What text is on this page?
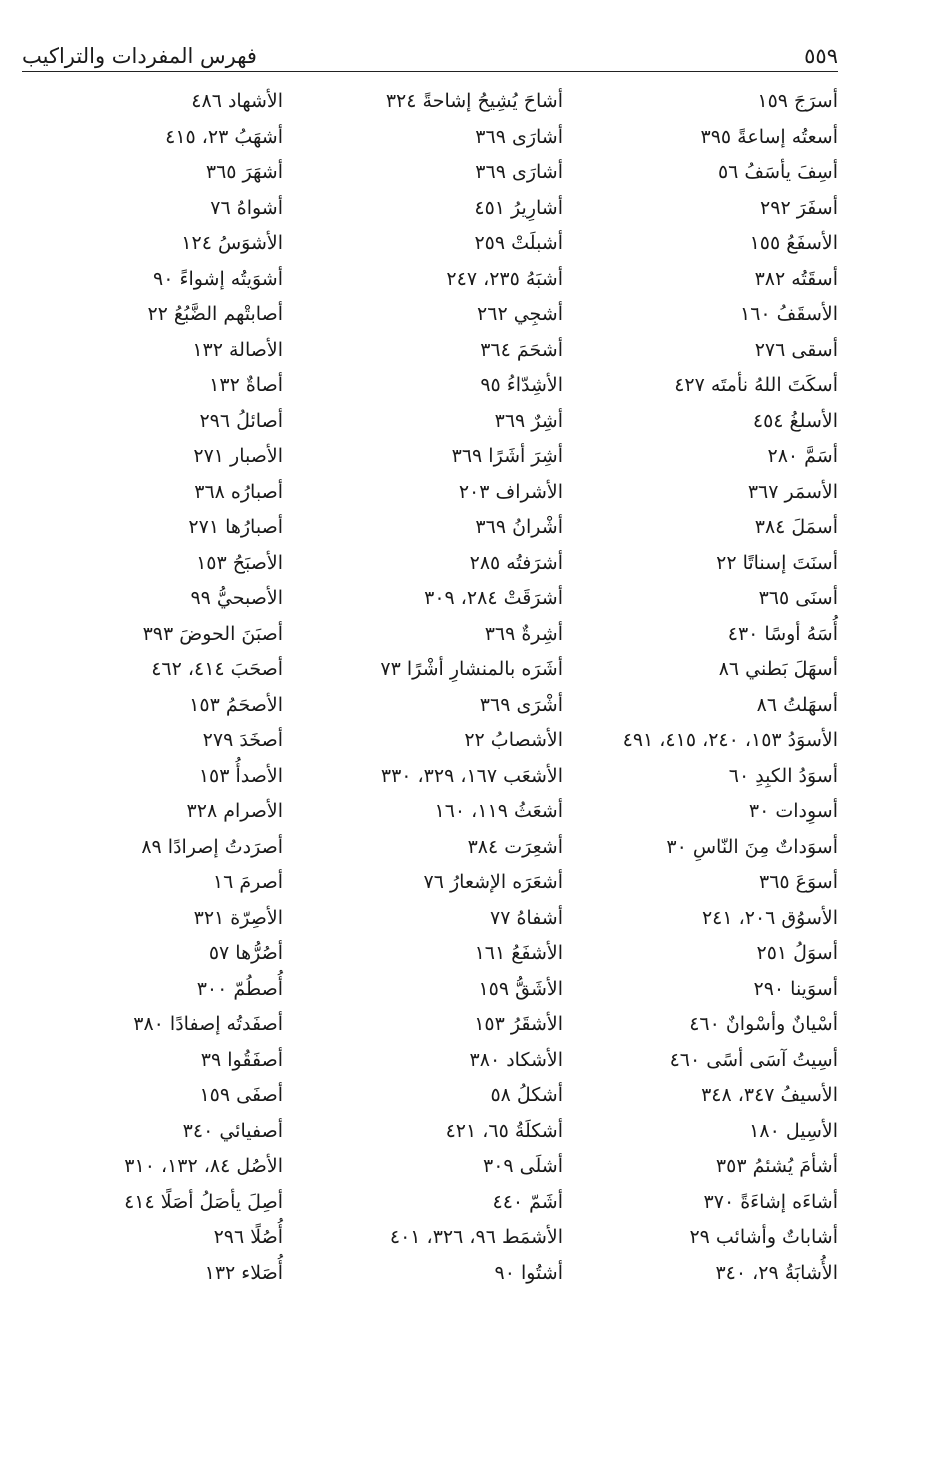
٥٥٩
فهرس المفردات والتراكيب
أسرَجَ ١٥٩
أسعتُه إساعةً ٣٩٥
أسِفَ يأسَفُ ٥٦
أسفَرَ ٢٩٢
الأسفَعُ ١٥٥
أسقَتُه ٣٨٢
الأسقَفُ ١٦٠
أسقى ٢٧٦
أسكَتَ اللهُ نأمتَه ٤٢٧
الأسلغُ ٤٥٤
أسَمَّ ٢٨٠
الأسمَر ٣٦٧
أسمَلَ ٣٨٤
أسنَتَ إسناتًا ٢٢
أسنَى ٣٦٥
أُسَهُ أوسًا ٤٣٠
أسهَلَ بَطني ٨٦
أسهَلتُ ٨٦
الأسوَدُ ١٥٣، ٢٤٠، ٤١٥، ٤٩١
أسوَدُ الكبِدِ ٦٠
أسوِدات ٣٠
أسوَداتٌ مِنَ النّاسِ ٣٠
أسوَعَ ٣٦٥
الأسوُق ٢٠٦، ٢٤١
أسوَلُ ٢٥١
أسوَينا ٢٩٠
أسْيانٌ وأسْوانٌ ٤٦٠
أسِيتُ آسَى أسًى ٤٦٠
الأسيفُ ٣٤٧، ٣٤٨
الأسِيل ١٨٠
أشأمَ يُشئمُ ٣٥٣
أشاءَه إشاءَةً ٣٧٠
أشاباتٌ وأشائب ٢٩
الأُشابَةُ ٢٩، ٣٤٠
أشاحَ يُشِيحُ إشاحةً ٣٢٤
أشارَى ٣٦٩
أشارَى ٣٦٩
أشارِيرُ ٤٥١
أشبلَتْ ٢٥٩
أشبَهُ ٢٣٥، ٢٤٧
أشجِي ٢٦٢
أشحَمَ ٣٦٤
الأشِدّاءُ ٩٥
أشِرٌ ٣٦٩
أشِرَ أشَرًا ٣٦٩
الأشراف ٢٠٣
أشْرانُ ٣٦٩
أشرَفتُه ٢٨٥
أشرَقَتْ ٢٨٤، ٣٠٩
أشِرةٌ ٣٦٩
أشَرَه بالمنشارِ أشْرًا ٧٣
أشْرَى ٣٦٩
الأشصابُ ٢٢
الأشعَب ١٦٧، ٣٢٩، ٣٣٠
أشعَثُ ١١٩، ١٦٠
أشعِرَت ٣٨٤
أشعَرَه الإشعارُ ٧٦
أشفاهُ ٧٧
الأشفَعُ ١٦١
الأشَقُّ ١٥٩
الأشقَرُ ١٥٣
الأشكاد ٣٨٠
أشكلُ ٥٨
أشكلَةُ ٦٥، ٤٢١
أشلَى ٣٠٩
أشَمّ ٤٤٠
الأشمَط ٩٦، ٣٢٦، ٤٠١
أشتُوا ٩٠
الأشهاد ٤٨٦
أشهَبُ ٢٣، ٤١٥
أشهَرَ ٣٦٥
أشواهُ ٧٦
الأشوَسُ ١٢٤
أشوَيتُه إشواءً ٩٠
أصابتْهم الضَّبُعُ ٢٢
الأصالة ١٣٢
أصاةٌ ١٣٢
أصائلُ ٢٩٦
الأصبار ٢٧١
أصبارُه ٣٦٨
أصبارُها ٢٧١
الأصبَحُ ١٥٣
الأصبحيُّ ٩٩
أصبَنَ الحوضَ ٣٩٣
أصحَبَ ٤١٤، ٤٦٢
الأصحَمُ ١٥٣
أصخَدَ ٢٧٩
الأصدأُ ١٥٣
الأصرام ٣٢٨
أصرَدتُ إصرادًا ٨٩
أصرمَ ١٦
الأصِرّة ٣٢١
أصُرُّها ٥٧
أُصطُمّ ٣٠٠
أصفَدتُه إصفادًا ٣٨٠
أصفَقُوا ٣٩
أصفَى ١٥٩
أصفيائي ٣٤٠
الأصُل ٨٤، ١٣٢، ٣١٠
أصِلَ يأصَلُ أصَلًا ٤١٤
أُصُلًا ٢٩٦
أُصَلاء ١٣٢
